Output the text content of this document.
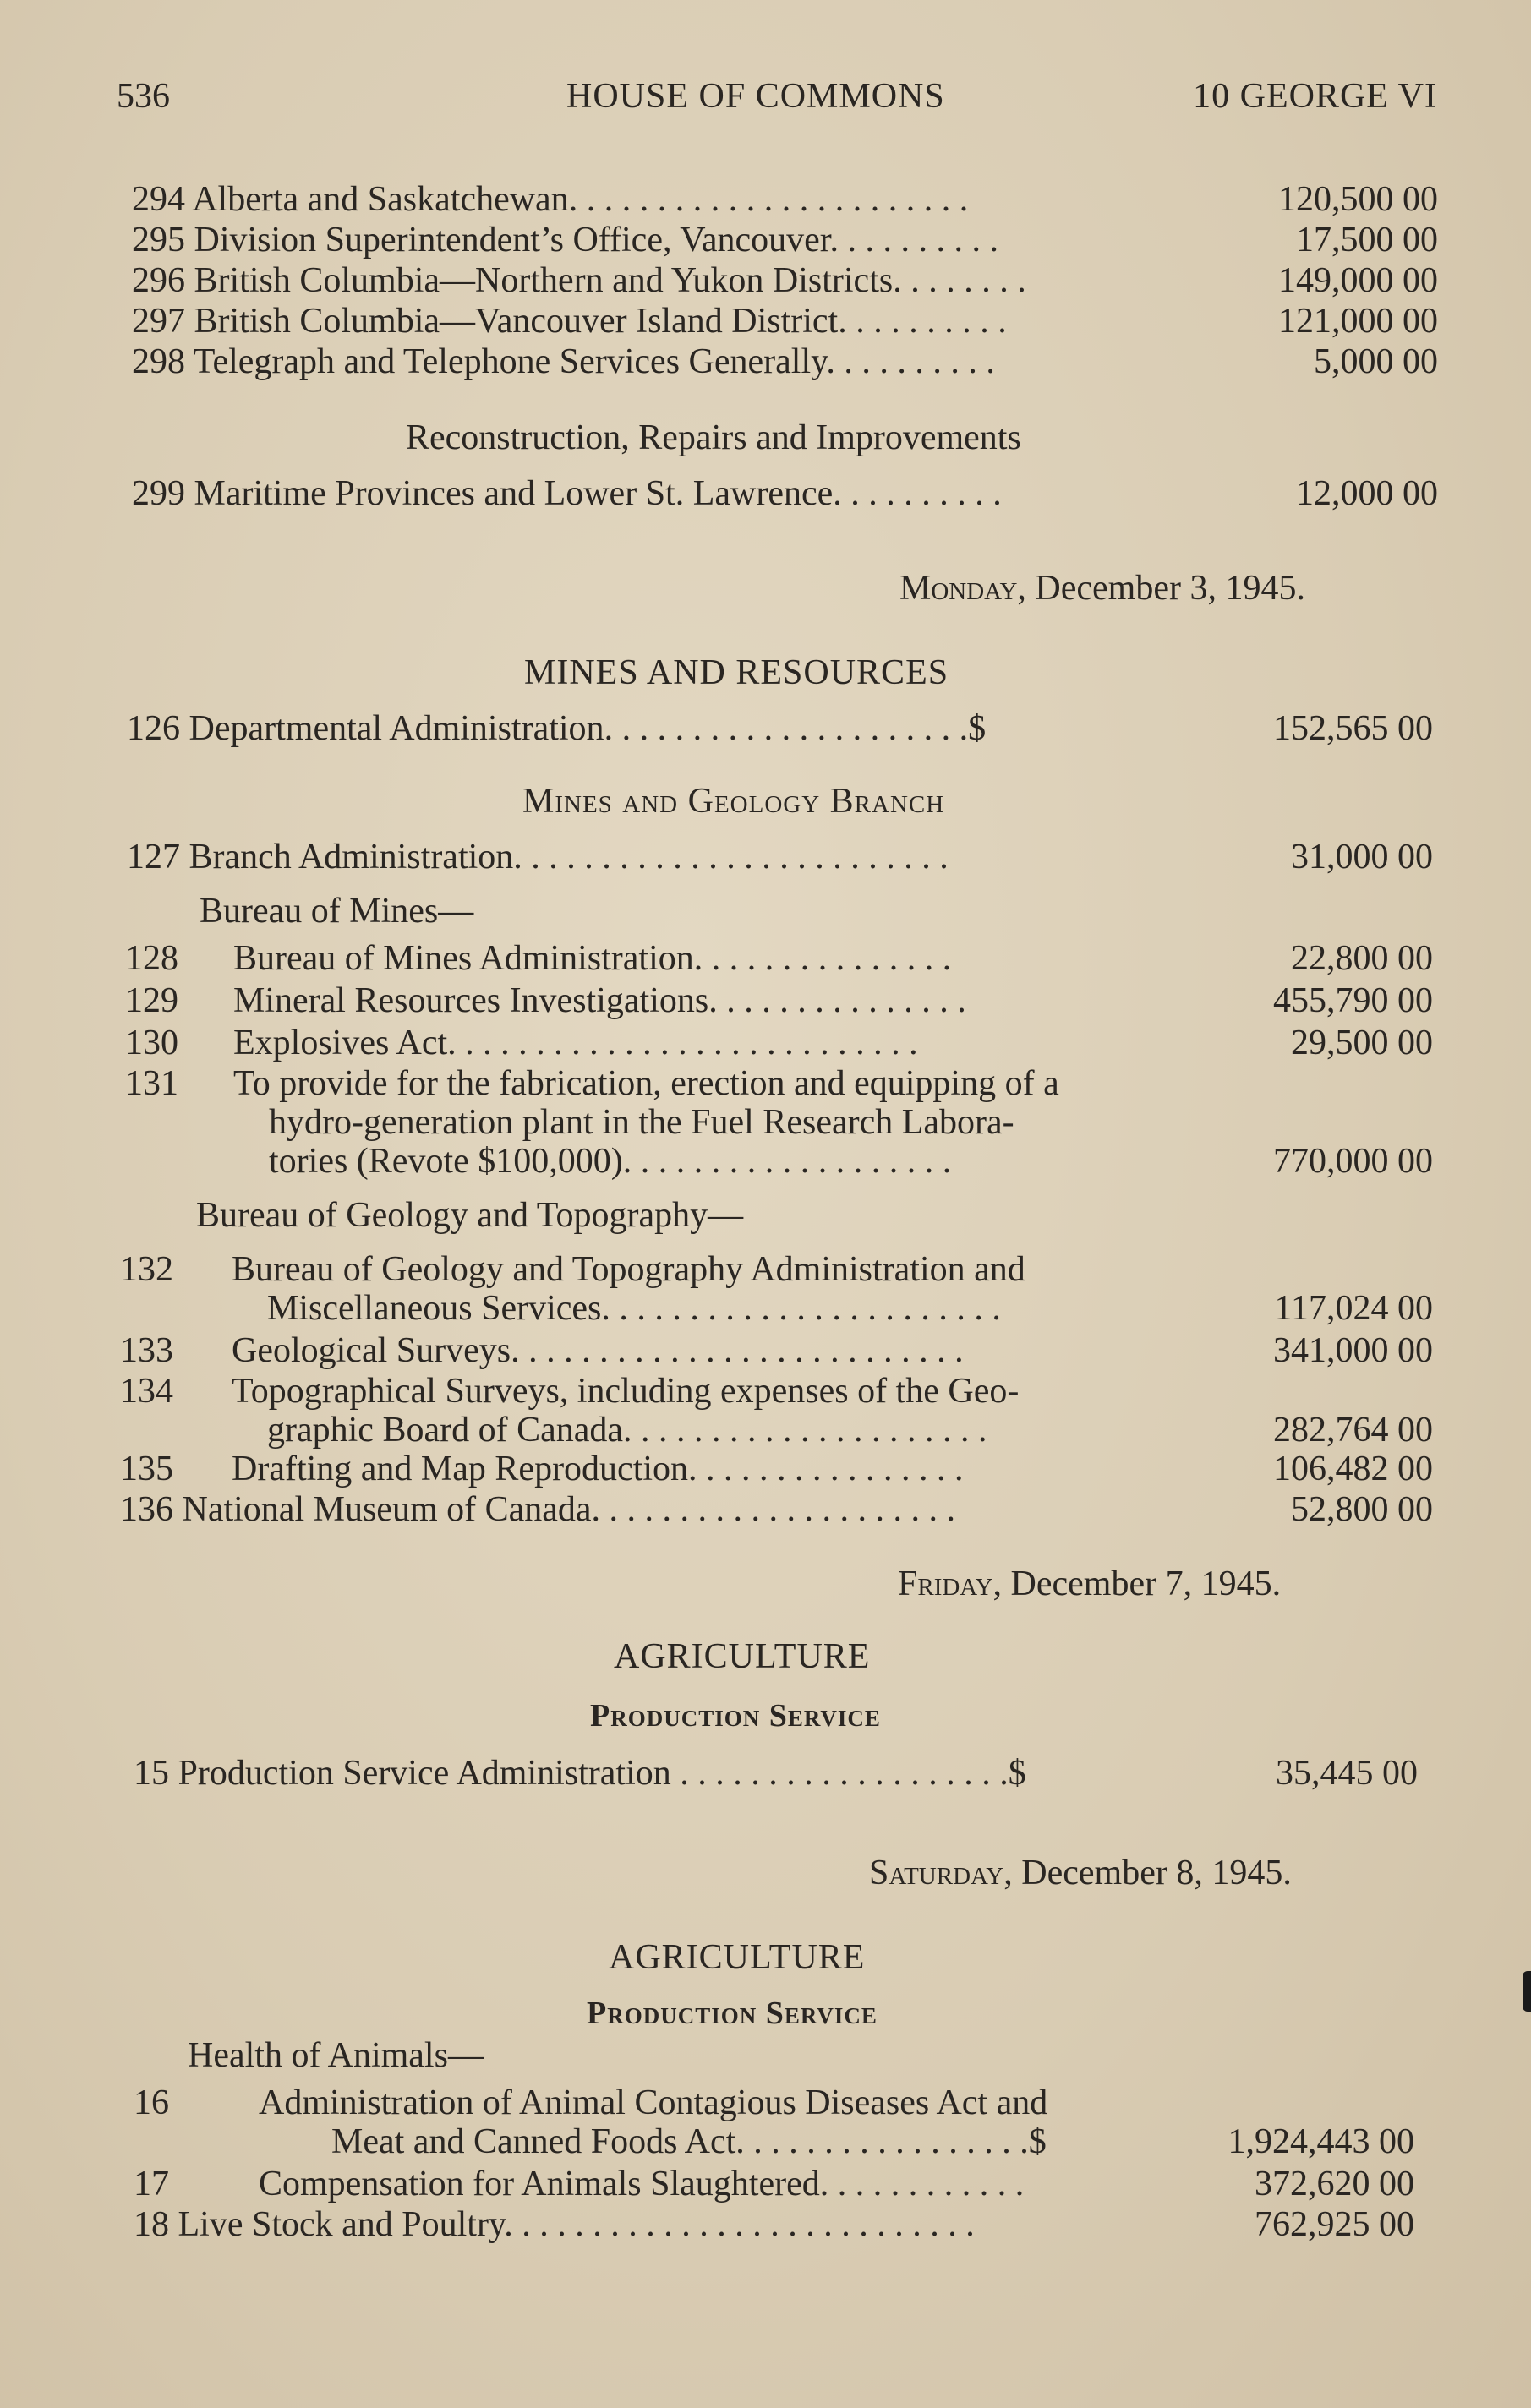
536	HOUSE OF COMMONS	10 GEORGE VI
294 Alberta and Saskatchewan. . . . . . . . . . . . . . . . . . . . . . .	120,500 00
295 Division Superintendent’s Office, Vancouver. . . . . . . . . .	17,500 00
296 British Columbia—Northern and Yukon Districts. . . . . . . .	149,000 00
297 British Columbia—Vancouver Island District. . . . . . . . . .	121,000 00
298 Telegraph and Telephone Services Generally. . . . . . . . . .	5,000 00
Reconstruction, Repairs and Improvements
299 Maritime Provinces and Lower St. Lawrence. . . . . . . . . .	12,000 00
Monday, December 3, 1945.
MINES AND RESOURCES
126 Departmental Administration. . . . . . . . . . . . . . . . . . . . .$	152,565 00
Mines and Geology Branch
127 Branch Administration. . . . . . . . . . . . . . . . . . . . . . . . .	31,000 00
Bureau of Mines—
128 Bureau of Mines Administration. . . . . . . . . . . . . . .	22,800 00
129 Mineral Resources Investigations. . . . . . . . . . . . . . .	455,790 00
130 Explosives Act. . . . . . . . . . . . . . . . . . . . . . . . . . .	29,500 00
131 To provide for the fabrication, erection and equipping of a
hydro-generation plant in the Fuel Research Labora-
tories (Revote $100,000). . . . . . . . . . . . . . . . . . .	770,000 00
Bureau of Geology and Topography—
132 Bureau of Geology and Topography Administration and
Miscellaneous Services. . . . . . . . . . . . . . . . . . . . . . .	117,024 00
133 Geological Surveys. . . . . . . . . . . . . . . . . . . . . . . . . .	341,000 00
134 Topographical Surveys, including expenses of the Geo-
graphic Board of Canada. . . . . . . . . . . . . . . . . . . . .	282,764 00
135 Drafting and Map Reproduction. . . . . . . . . . . . . . . .	106,482 00
136 National Museum of Canada. . . . . . . . . . . . . . . . . . . . .	52,800 00
Friday, December 7, 1945.
AGRICULTURE
Production Service
15 Production Service Administration . . . . . . . . . . . . . . . . . . .$	35,445 00
Saturday, December 8, 1945.
AGRICULTURE
Production Service
Health of Animals—
16	Administration of Animal Contagious Diseases Act and
Meat and Canned Foods Act. . . . . . . . . . . . . . . . .$	1,924,443 00
17	Compensation for Animals Slaughtered. . . . . . . . . . . .	372,620 00
18 Live Stock and Poultry. . . . . . . . . . . . . . . . . . . . . . . . . . .	762,925 00
